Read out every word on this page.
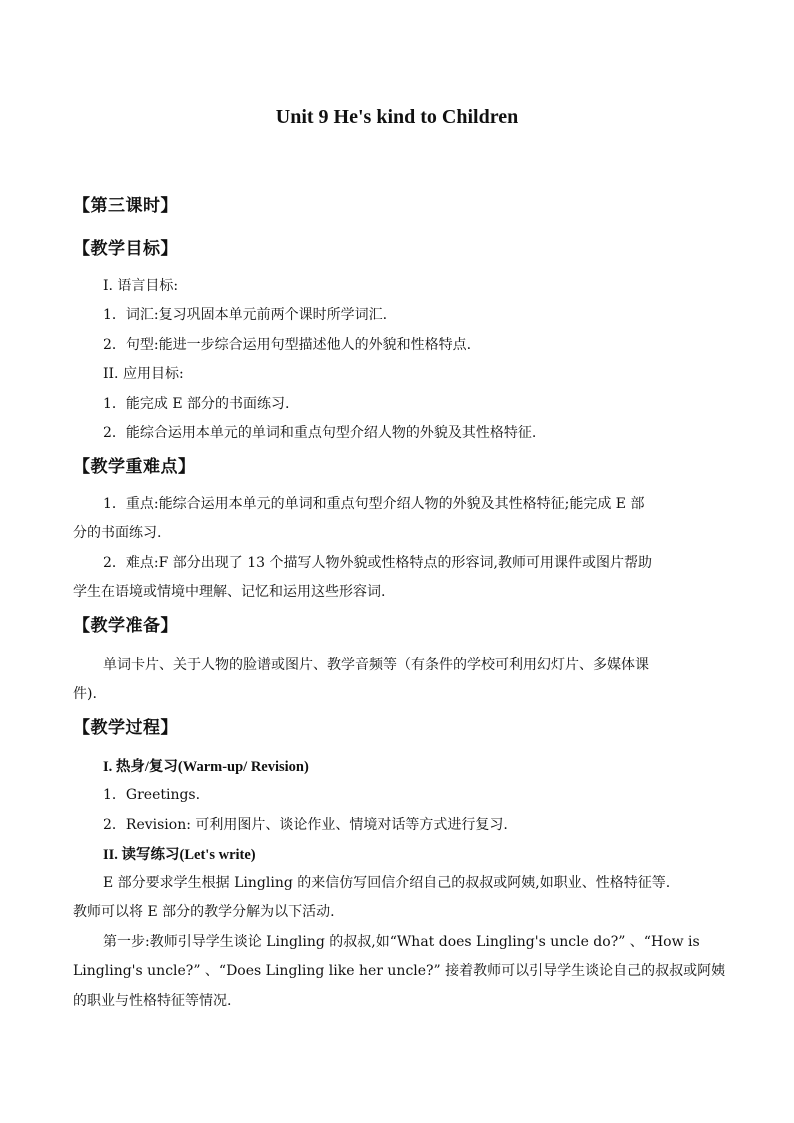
Unit 9 He's kind to Children
【第三课时】
【教学目标】
I. 语言目标:
1．词汇:复习巩固本单元前两个课时所学词汇.
2．句型:能进一步综合运用句型描述他人的外貌和性格特点.
II. 应用目标:
1．能完成 E 部分的书面练习.
2．能综合运用本单元的单词和重点句型介绍人物的外貌及其性格特征.
【教学重难点】
1．重点:能综合运用本单元的单词和重点句型介绍人物的外貌及其性格特征;能完成 E 部
分的书面练习.
2．难点:F 部分出现了 13 个描写人物外貌或性格特点的形容词,教师可用课件或图片帮助
学生在语境或情境中理解、记忆和运用这些形容词.
【教学准备】
单词卡片、关于人物的脸谱或图片、教学音频等（有条件的学校可利用幻灯片、多媒体课
件).
【教学过程】
I. 热身/复习(Warm-up/ Revision)
1．Greetings.
2．Revision: 可利用图片、谈论作业、情境对话等方式进行复习.
II. 读写练习(Let's write)
E 部分要求学生根据 Lingling 的来信仿写回信介绍自己的叔叔或阿姨,如职业、性格特征等.
教师可以将 E 部分的教学分解为以下活动.
第一步:教师引导学生谈论 Lingling 的叔叔,如“What does Lingling's uncle do?” 、“How is
Lingling's uncle?” 、“Does Lingling like her uncle?” 接着教师可以引导学生谈论自己的叔叔或阿姨
的职业与性格特征等情况.
